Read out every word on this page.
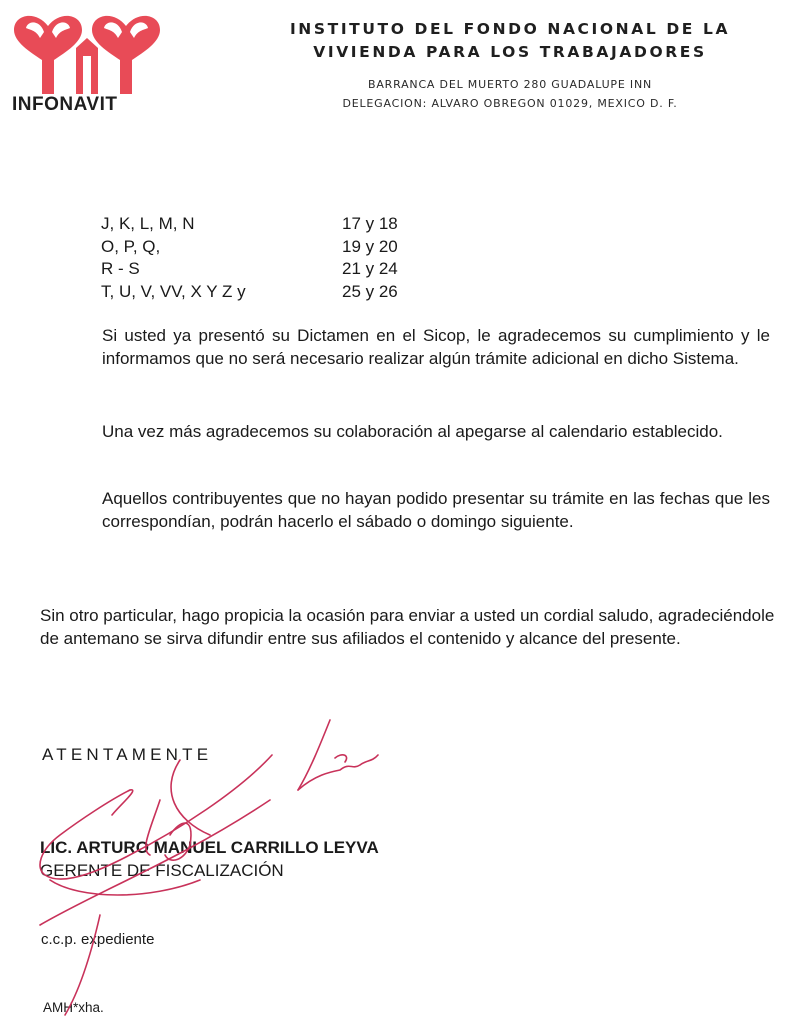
INFONAVIT
INSTITUTO DEL FONDO NACIONAL DE LA
VIVIENDA PARA LOS TRABAJADORES
BARRANCA DEL MUERTO 280 GUADALUPE INN
DELEGACION: ALVARO OBREGON 01029, MEXICO D. F.
J, K, L, M, N	17 y 18
O, P, Q,	19 y 20
R - S	21 y 24
T, U, V, VV, X Y Z y	25 y 26

Si usted ya presentó su Dictamen en el Sicop, le agradecemos su cumplimiento y le informamos que no será necesario realizar algún trámite adicional en dicho Sistema.

Una vez más agradecemos su colaboración al apegarse al calendario establecido.

Aquellos contribuyentes que no hayan podido presentar su trámite en las fechas que les correspondían, podrán hacerlo el sábado o domingo siguiente.

Sin otro particular, hago propicia la ocasión para enviar a usted un cordial saludo, agradeciéndole de antemano se sirva difundir entre sus afiliados el contenido y alcance del presente.

ATENTAMENTE
LIC. ARTURO MANUEL CARRILLO LEYVA
GERENTE DE FISCALIZACIÓN
c.c.p. expediente
AMH*xha.
